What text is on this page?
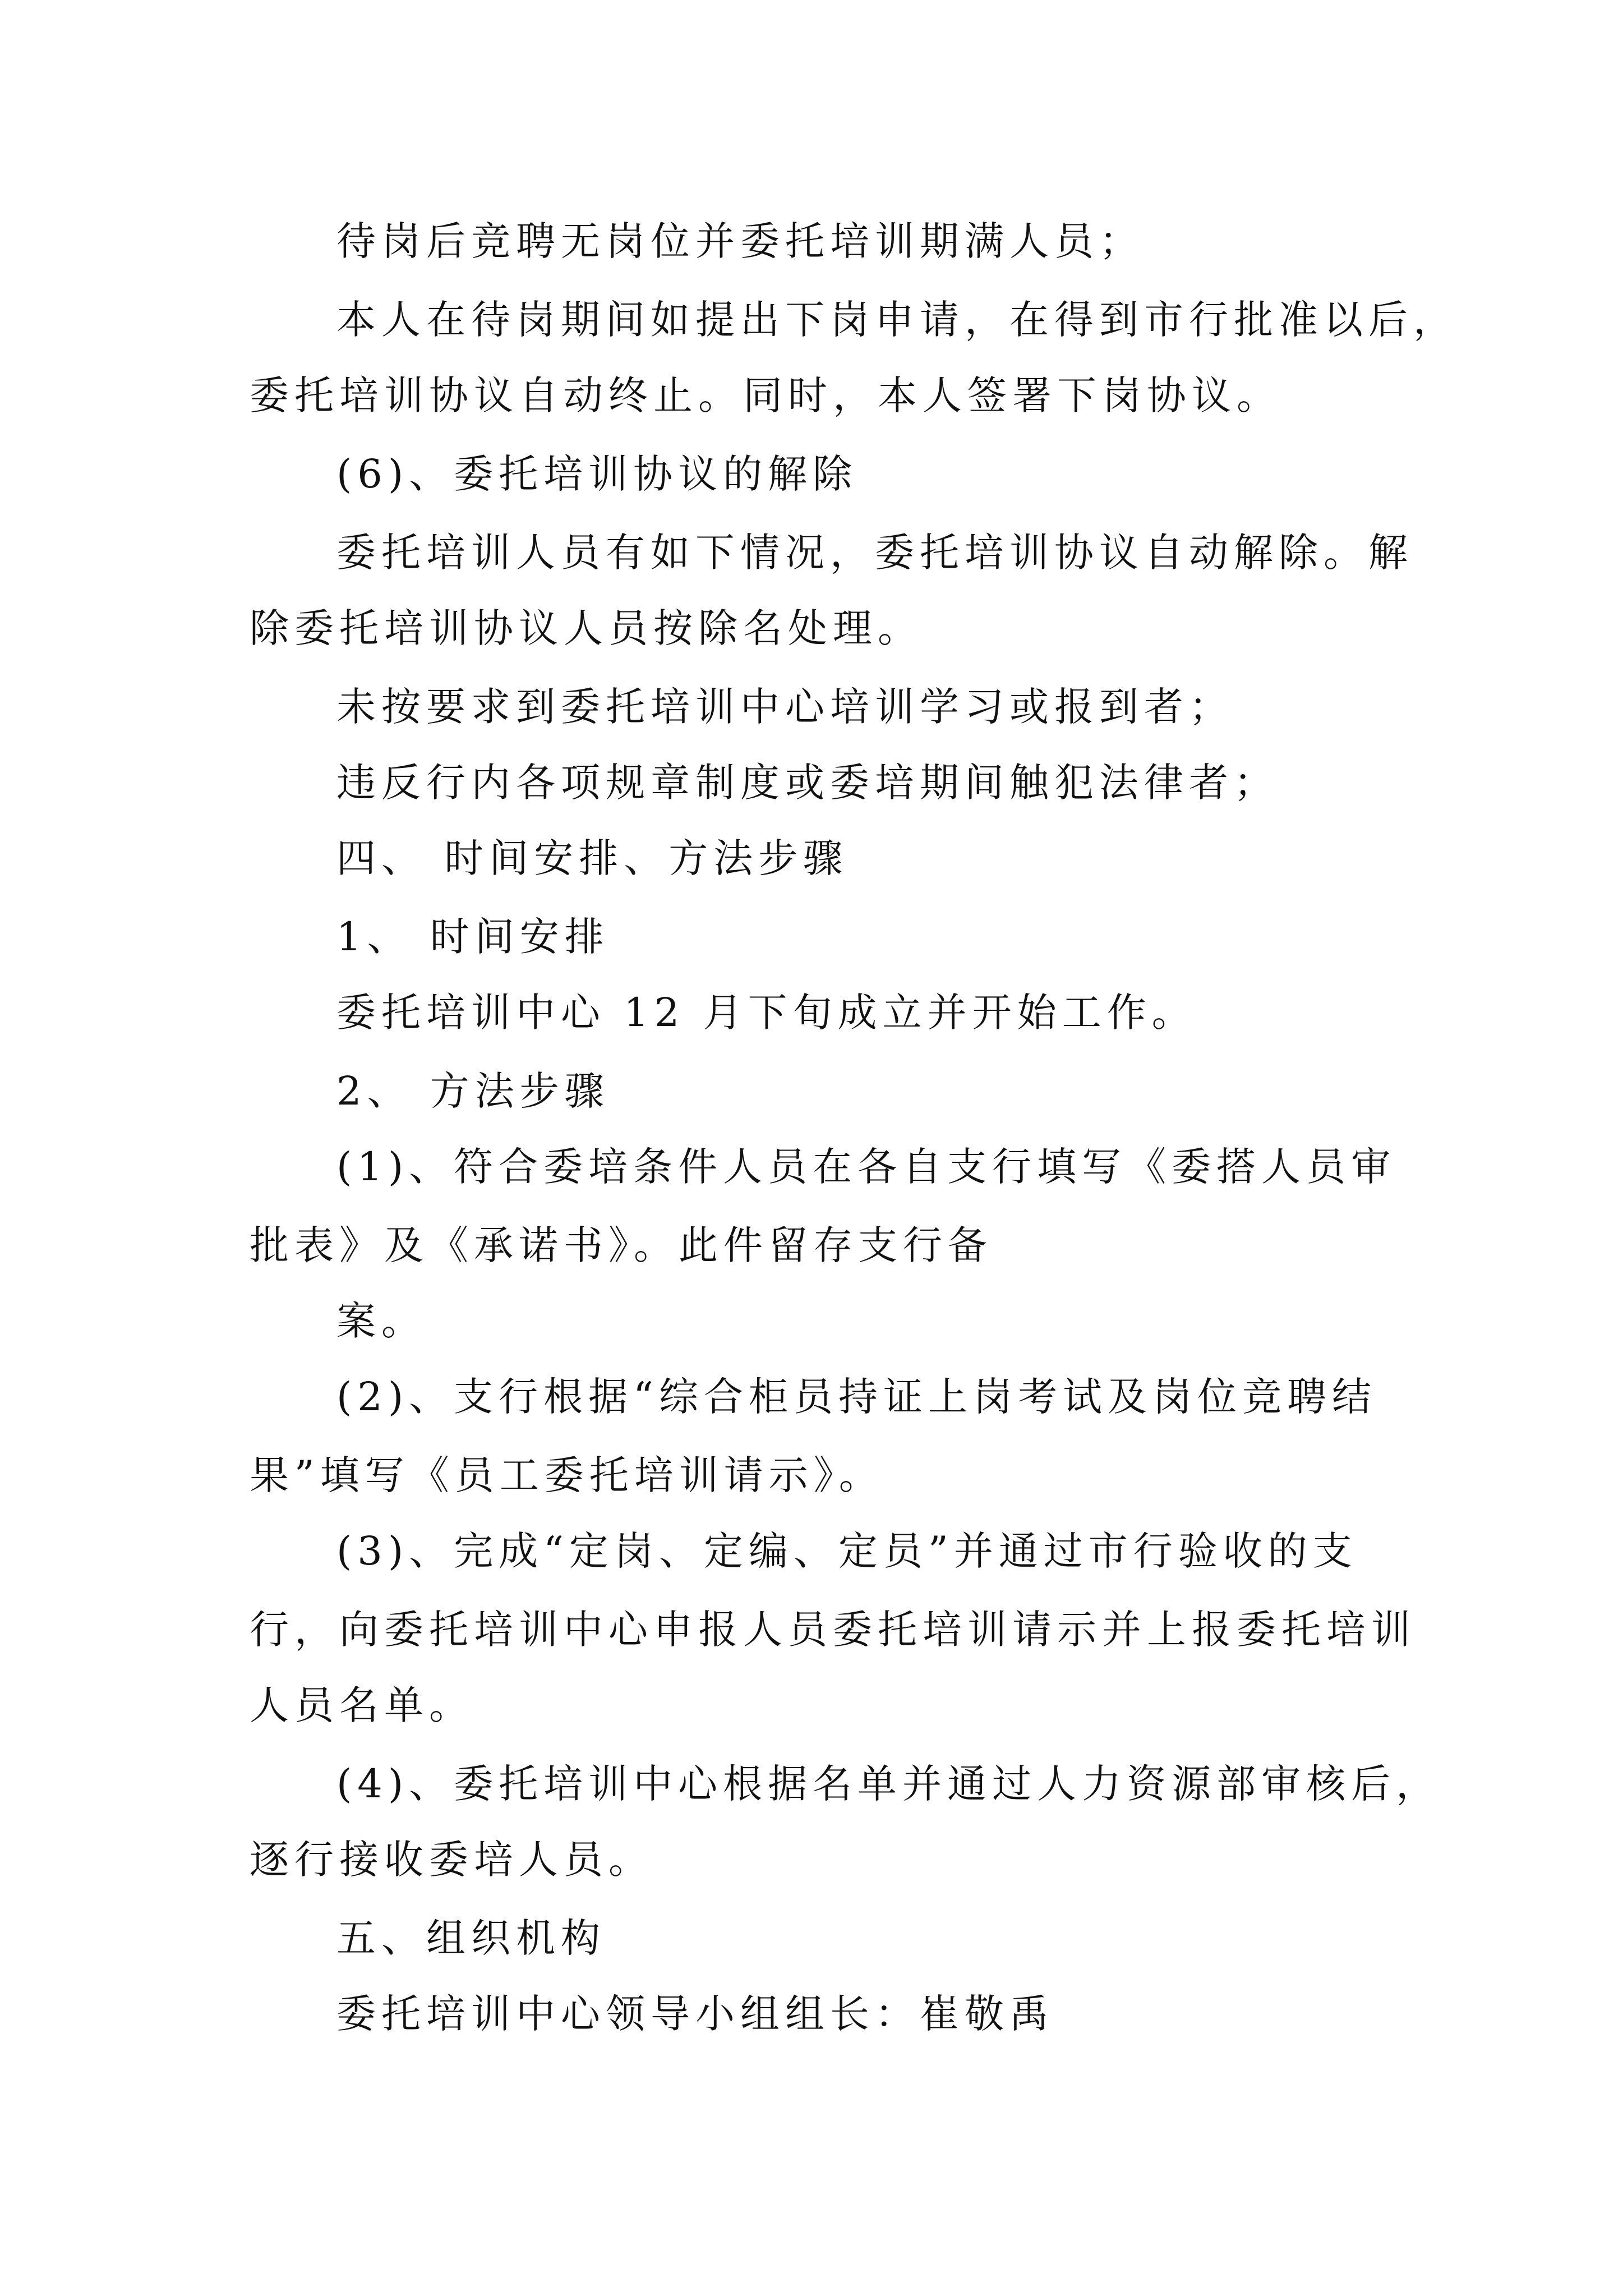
待岗后竞聘无岗位并委托培训期满人员；

本人在待岗期间如提出下岗申请，在得到市行批准以后，

委托培训协议自动终止。同时，本人签署下岗协议。

(6)、委托培训协议的解除

委托培训人员有如下情况，委托培训协议自动解除。解

除委托培训协议人员按除名处理。

未按要求到委托培训中心培训学习或报到者；

违反行内各项规章制度或委培期间触犯法律者；

四、 时间安排、方法步骤

1、 时间安排

委托培训中心 12 月下旬成立并开始工作。

2、 方法步骤

(1)、符合委培条件人员在各自支行填写《委搭人员审

批表》及《承诺书》。此件留存支行备

案。

(2)、支行根据“综合柜员持证上岗考试及岗位竞聘结

果”填写《员工委托培训请示》。

(3)、完成“定岗、定编、定员”并通过市行验收的支

行，向委托培训中心申报人员委托培训请示并上报委托培训

人员名单。

(4)、委托培训中心根据名单并通过人力资源部审核后，

逐行接收委培人员。

五、组织机构

委托培训中心领导小组组长：崔敬禹
